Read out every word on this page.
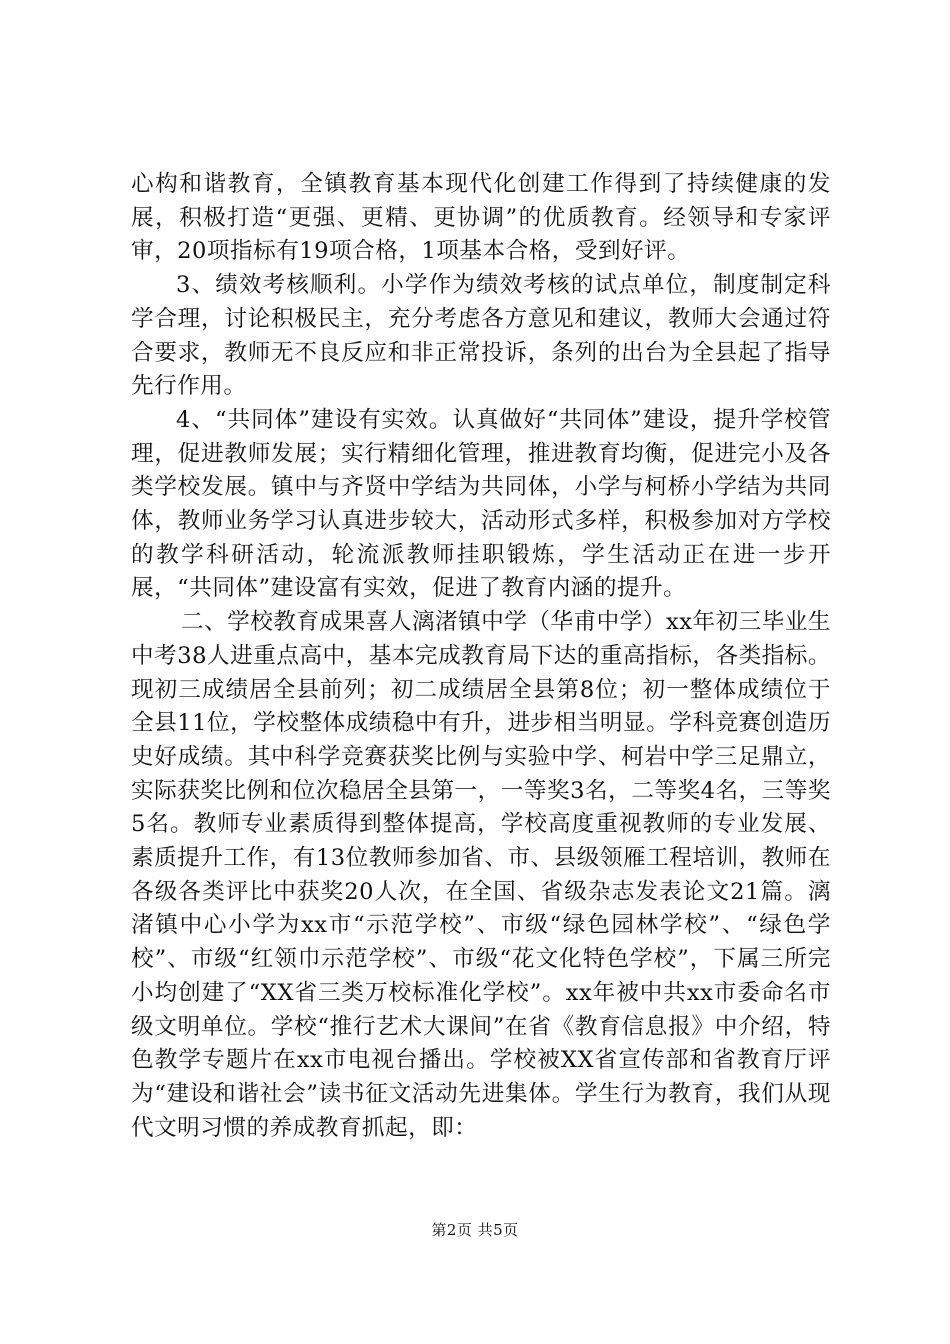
心构和谐教育，全镇教育基本现代化创建工作得到了持续健康的发展，积极打造“更强、更精、更协调”的优质教育。经领导和专家评审，20项指标有19项合格，1项基本合格，受到好评。

3、绩效考核顺利。小学作为绩效考核的试点单位，制度制定科学合理，讨论积极民主，充分考虑各方意见和建议，教师大会通过符合要求，教师无不良反应和非正常投诉，条列的出台为全县起了指导先行作用。

4、“共同体”建设有实效。认真做好“共同体”建设，提升学校管理，促进教师发展；实行精细化管理，推进教育均衡，促进完小及各类学校发展。镇中与齐贤中学结为共同体，小学与柯桥小学结为共同体，教师业务学习认真进步较大，活动形式多样，积极参加对方学校的教学科研活动，轮流派教师挂职锻炼，学生活动正在进一步开展，“共同体”建设富有实效，促进了教育内涵的提升。

二、学校教育成果喜人漓渚镇中学（华甫中学）xx年初三毕业生中考38人进重点高中，基本完成教育局下达的重高指标，各类指标。现初三成绩居全县前列；初二成绩居全县第8位；初一整体成绩位于全县11位，学校整体成绩稳中有升，进步相当明显。学科竞赛创造历史好成绩。其中科学竞赛获奖比例与实验中学、柯岩中学三足鼎立，实际获奖比例和位次稳居全县第一，一等奖3名，二等奖4名，三等奖5名。教师专业素质得到整体提高，学校高度重视教师的专业发展、素质提升工作，有13位教师参加省、市、县级领雁工程培训，教师在各级各类评比中获奖20人次，在全国、省级杂志发表论文21篇。漓渚镇中心小学为xx市“示范学校”、市级“绿色园林学校”、“绿色学校”、市级“红领巾示范学校”、市级“花文化特色学校”，下属三所完小均创建了“XX省三类万校标准化学校”。xx年被中共xx市委命名市级文明单位。学校“推行艺术大课间”在省《教育信息报》中介绍，特色教学专题片在xx市电视台播出。学校被XX省宣传部和省教育厅评为“建设和谐社会”读书征文活动先进集体。学生行为教育，我们从现代文明习惯的养成教育抓起，即：

第2页 共5页
